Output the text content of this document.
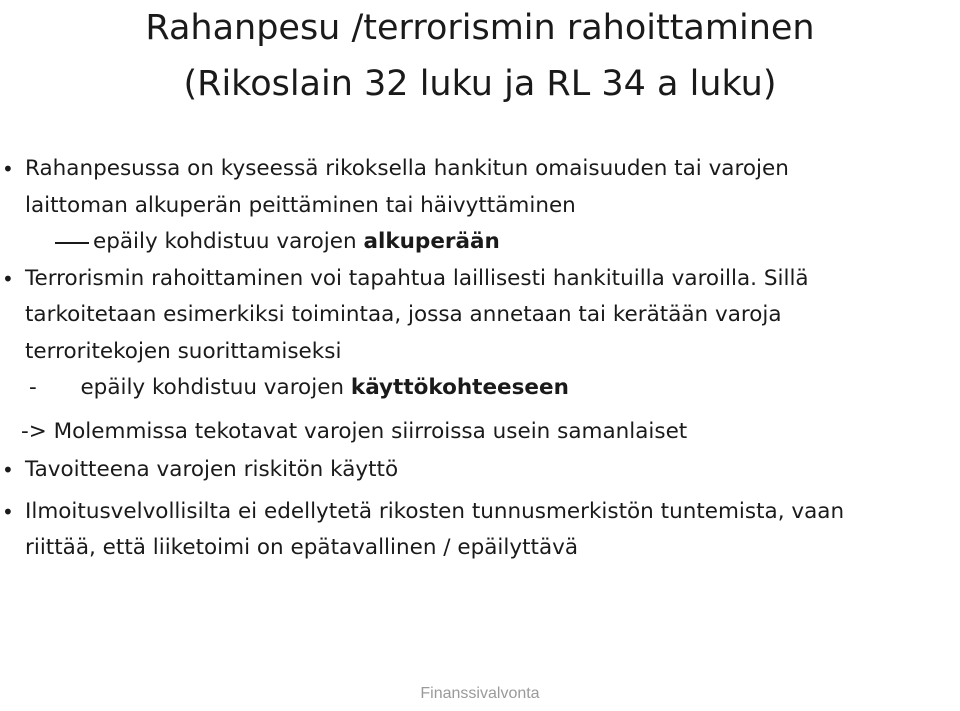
Rahanpesu /terrorismin rahoittaminen
(Rikoslain 32 luku ja RL 34 a luku)
• Rahanpesussa on kyseessä rikoksella hankitun omaisuuden tai varojen
laittoman alkuperän peittäminen tai häivyttäminen
epäily kohdistuu varojen alkuperään
• Terrorismin rahoittaminen voi tapahtua laillisesti hankituilla varoilla. Sillä
tarkoitetaan esimerkiksi toimintaa, jossa annetaan tai kerätään varoja
terroritekojen suorittamiseksi
-  epäily kohdistuu varojen käyttökohteeseen
-> Molemmissa tekotavat varojen siirroissa usein samanlaiset
• Tavoitteena varojen riskitön käyttö
• Ilmoitusvelvollisilta ei edellytetä rikosten tunnusmerkistön tuntemista, vaan
riittää, että liiketoimi on epätavallinen / epäilyttävä
Finanssivalvonta
